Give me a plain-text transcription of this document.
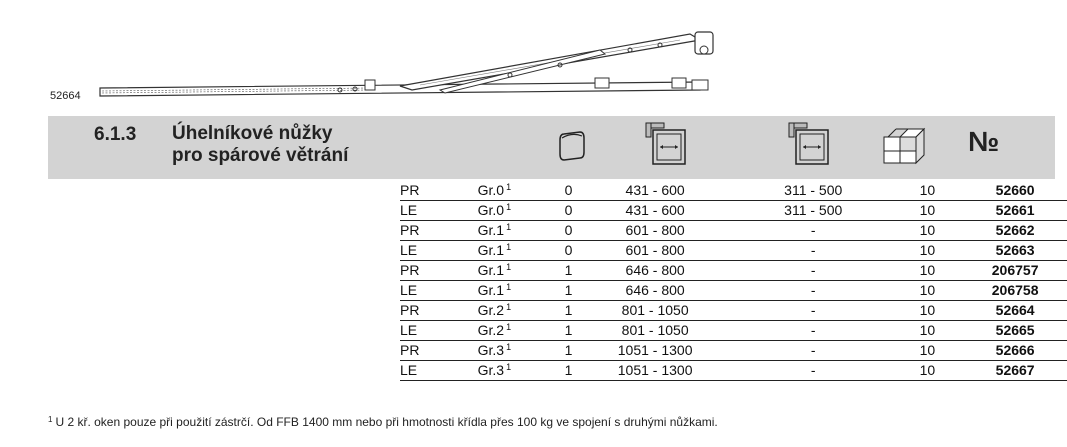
52664
6.1.3 Úhelníkové nůžky
pro spárové větrání	№
PR	Gr.0 $^1$	0	431 - 600	311 - 500	10		52660
LE	Gr.0 $^1$	0	431 - 600	311 - 500	10		52661
PR	Gr.1 $^1$	0	601 - 800	-	10		52662
LE	Gr.1 $^1$	0	601 - 800	-	10		52663
PR	Gr.1 $^1$	1	646 - 800	-	10		206757
LE	Gr.1 $^1$	1	646 - 800	-	10		206758
PR	Gr.2 $^1$	1	801 - 1050	-	10		52664
LE	Gr.2 $^1$	1	801 - 1050	-	10		52665
PR	Gr.3 $^1$	1	1051 - 1300	-	10		52666
LE	Gr.3 $^1$	1	1051 - 1300	-	10		52667
$^1$ U 2 kř. oken pouze při použití zástrčí. Od FFB 1400 mm nebo při hmotnosti křídla přes 100 kg ve spojení s druhými nůžkami.
